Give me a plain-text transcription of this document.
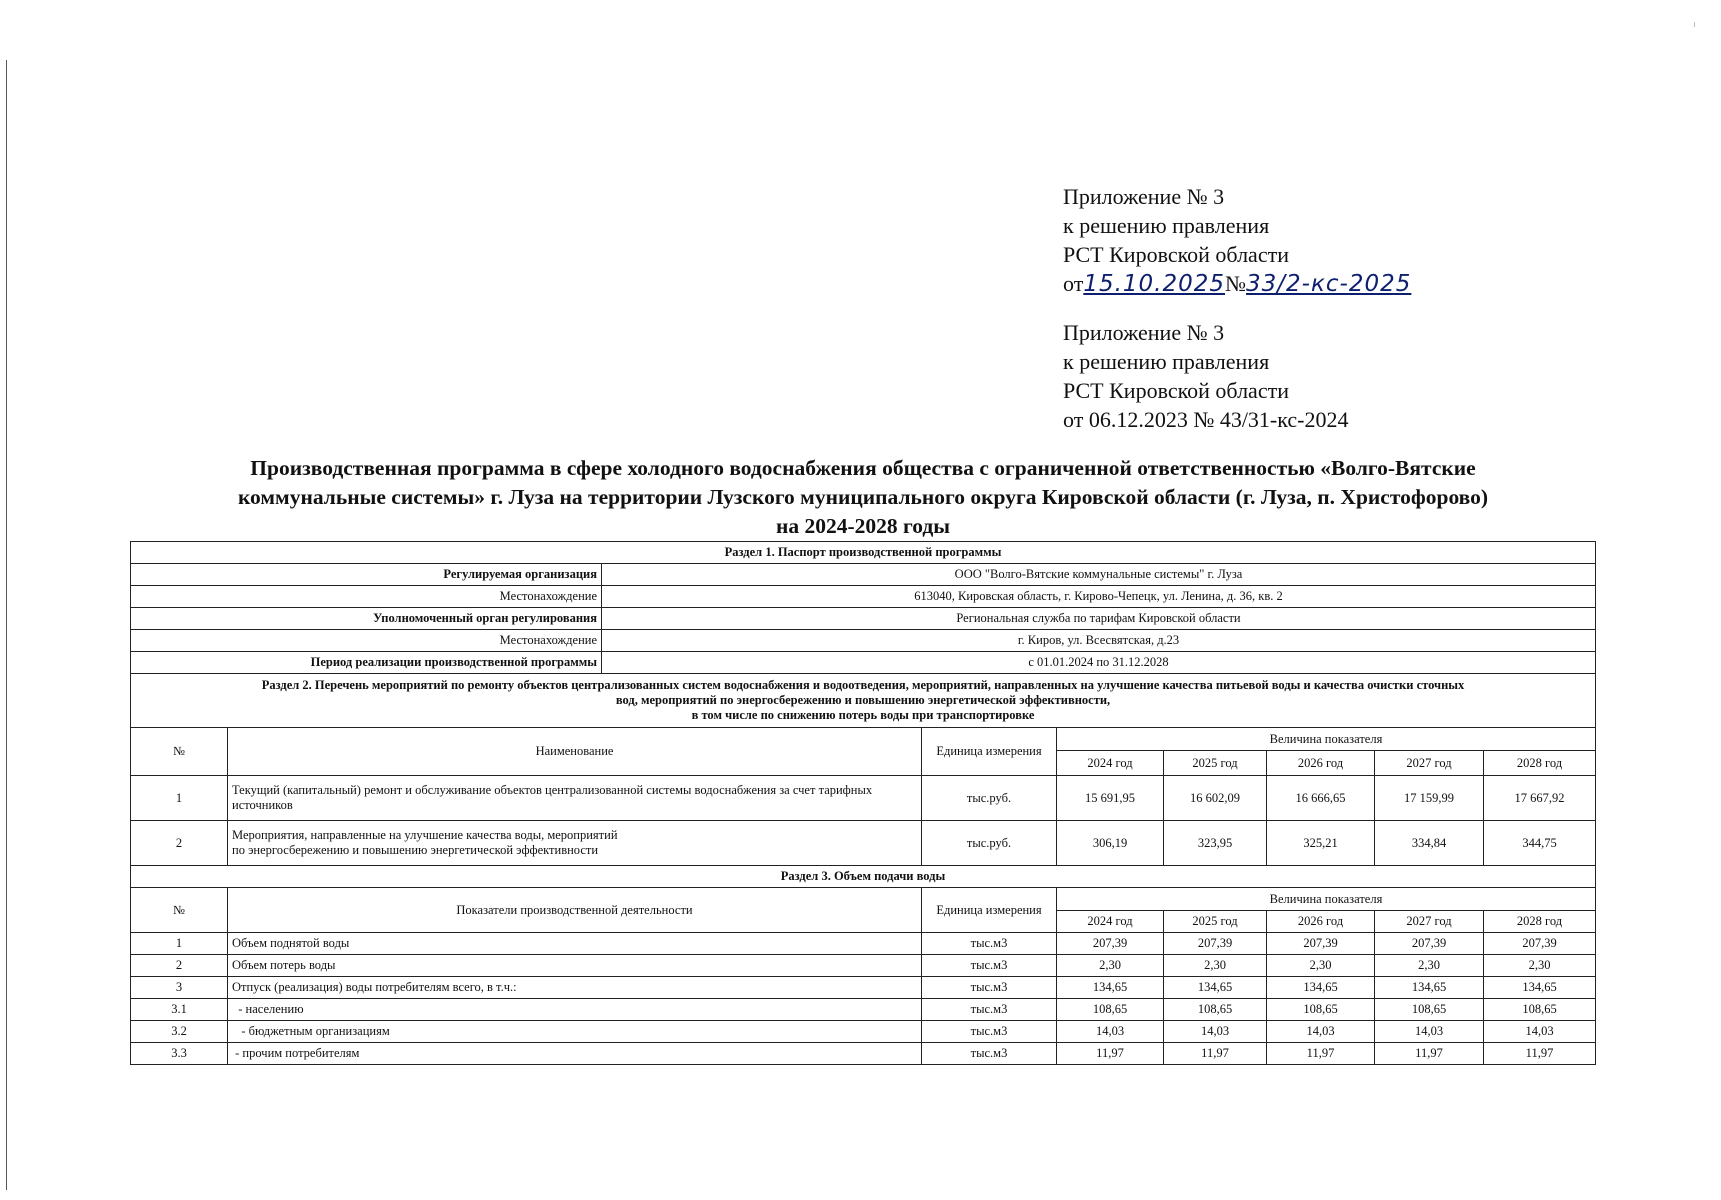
Приложение № 3
к решению правления
РСТ Кировской области
от15.10.2025№33/2-кс-2025
Приложение № 3
к решению правления
РСТ Кировской области
от 06.12.2023 № 43/31-кс-2024
Производственная программа в сфере холодного водоснабжения общества с ограниченной ответственностью «Волго-Вятские
коммунальные системы» г. Луза на территории Лузского муниципального округа Кировской области (г. Луза, п. Христофорово)
на 2024-2028 годы
Раздел 1. Паспорт производственной программы								
Регулируемая организация		ООО "Волго-Вятские коммунальные системы" г. Луза						
Местонахождение		613040, Кировская область, г. Кирово-Чепецк, ул. Ленина, д. 36, кв. 2						
Уполномоченный орган регулирования		Региональная служба по тарифам Кировской области						
Местонахождение		г. Киров, ул. Всесвятская, д.23						
Период реализации производственной программы		с 01.01.2024 по 31.12.2028						

Раздел 2. Перечень мероприятий по ремонту объектов централизованных систем водоснабжения и водоотведения, мероприятий, направленных на улучшение качества питьевой воды и качества очистки сточных
вод, мероприятий по энергосбережению и повышению энергетической эффективности,
в том числе по снижению потерь воды при транспортировке								

№	Наименование		Единица измерения	Величина показателя				
				2024 год	2025 год	2026 год	2027 год	2028 год
1	Текущий (капитальный) ремонт и обслуживание объектов централизованной системы водоснабжения за счет тарифных источников		тыс.руб.	15 691,95	16 602,09	16 666,65	17 159,99	17 667,92
2	Мероприятия, направленные на улучшение качества воды, мероприятий
по энергосбережению и повышению энергетической эффективности		тыс.руб.	306,19	323,95	325,21	334,84	344,75
Раздел 3. Объем подачи воды								
№	Показатели производственной деятельности		Единица измерения	Величина показателя				
				2024 год	2025 год	2026 год	2027 год	2028 год
1	Объем поднятой воды		тыс.м3	207,39	207,39	207,39	207,39	207,39
2	Объем потерь воды		тыс.м3	2,30	2,30	2,30	2,30	2,30
3	Отпуск (реализация) воды потребителям всего, в т.ч.:		тыс.м3	134,65	134,65	134,65	134,65	134,65
3.1	- населению		тыс.м3	108,65	108,65	108,65	108,65	108,65
3.2	- бюджетным организациям		тыс.м3	14,03	14,03	14,03	14,03	14,03
3.3	- прочим потребителям		тыс.м3	11,97	11,97	11,97	11,97	11,97
